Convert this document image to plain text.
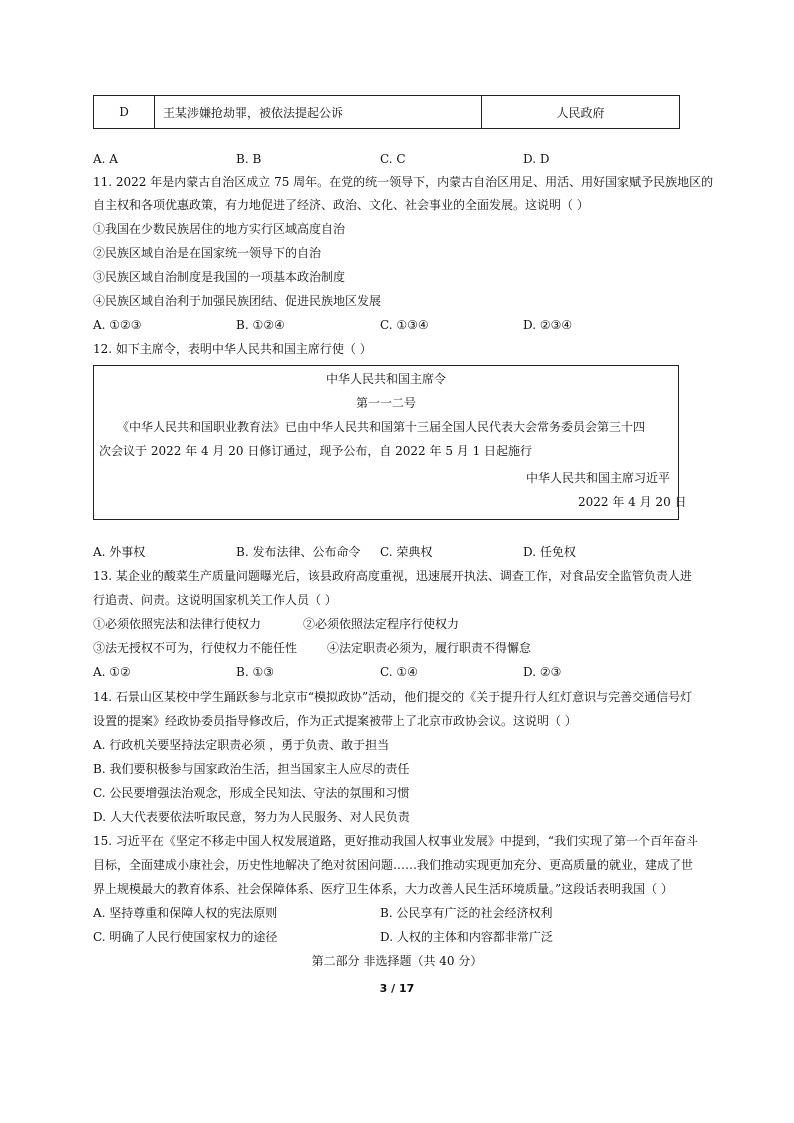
D	王某涉嫌抢劫罪，被依法提起公诉	人民政府
A. A	B. B	C. C	D. D
11. 2022 年是内蒙古自治区成立 75 周年。在党的统一领导下，内蒙古自治区用足、用活、用好国家赋予民族地区的
自主权和各项优惠政策，有力地促进了经济、政治、文化、社会事业的全面发展。这说明（ ）
①我国在少数民族居住的地方实行区域高度自治
②民族区域自治是在国家统一领导下的自治
③民族区域自治制度是我国的一项基本政治制度
④民族区域自治利于加强民族团结、促进民族地区发展
A. ①②③	B. ①②④	C. ①③④	D. ②③④
12. 如下主席令，表明中华人民共和国主席行使（ ）
中华人民共和国主席令
第一一二号
《中华人民共和国职业教育法》已由中华人民共和国第十三届全国人民代表大会常务委员会第三十四
次会议于 2022 年 4 月 20 日修订通过，现予公布，自 2022 年 5 月 1 日起施行
中华人民共和国主席习近平
2022 年 4 月 20 日
A. 外事权	B. 发布法律、公布命令 C. 荣典权	D. 任免权
13. 某企业的酸菜生产质量问题曝光后，该县政府高度重视，迅速展开执法、调查工作，对食品安全监管负责人进
行追责、问责。这说明国家机关工作人员（ ）
①必须依照宪法和法律行使权力	②必须依照法定程序行使权力
③法无授权不可为，行使权力不能任性 ④法定职责必须为，履行职责不得懈怠
A. ①②	B. ①③	C. ①④	D. ②③
14. 石景山区某校中学生踊跃参与北京市“模拟政协”活动，他们提交的《关于提升行人红灯意识与完善交通信号灯
设置的提案》经政协委员指导修改后，作为正式提案被带上了北京市政协会议。这说明（ ）
A. 行政机关要坚持法定职责必须 ，勇于负责、敢于担当
B. 我们要积极参与国家政治生活，担当国家主人应尽的责任
C. 公民要增强法治观念，形成全民知法、守法的氛围和习惯
D. 人大代表要依法听取民意，努力为人民服务、对人民负责
15. 习近平在《坚定不移走中国人权发展道路，更好推动我国人权事业发展》中提到，“我们实现了第一个百年奋斗
目标，全面建成小康社会，历史性地解决了绝对贫困问题……我们推动实现更加充分、更高质量的就业，建成了世
界上规模最大的教育体系、社会保障体系、医疗卫生体系，大力改善人民生活环境质量。”这段话表明我国（ ）
A. 坚持尊重和保障人权的宪法原则	B. 公民享有广泛的社会经济权利
C. 明确了人民行使国家权力的途径	D. 人权的主体和内容都非常广泛
第二部分 非选择题（共 40 分）
3 / 17
